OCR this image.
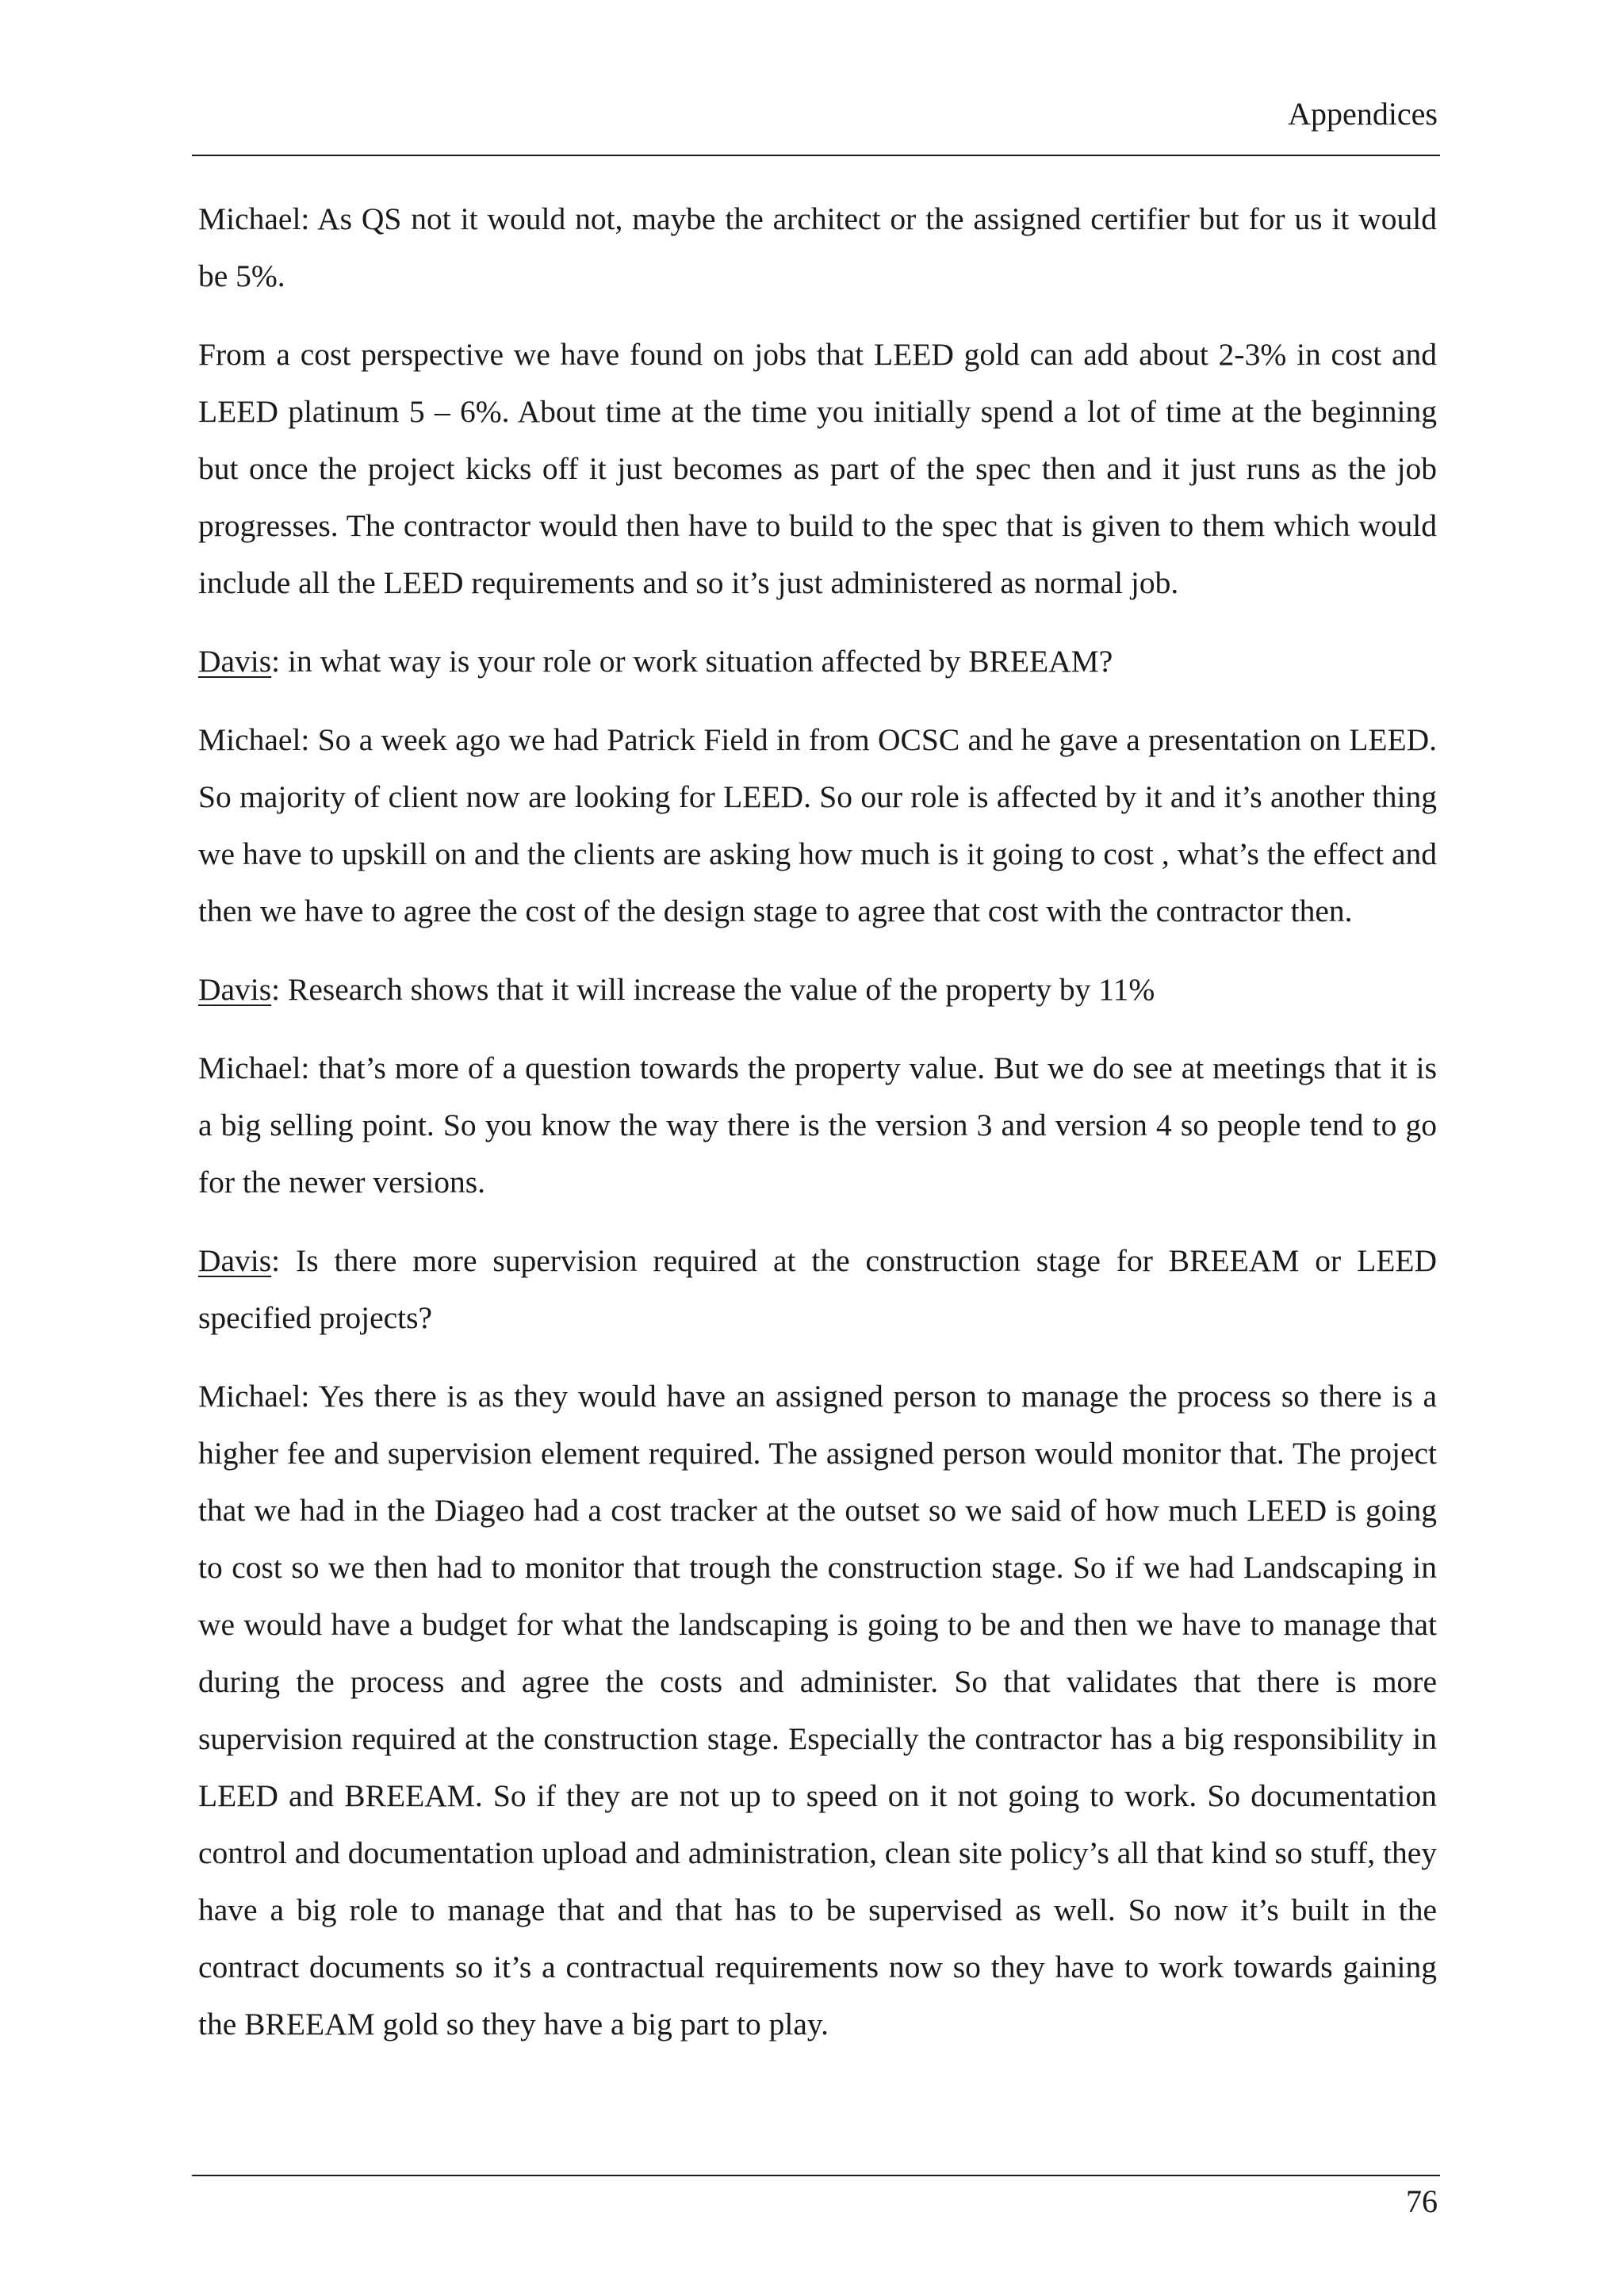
Appendices

Michael: As QS not it would not, maybe the architect or the assigned certifier but for us it would be 5%.

From a cost perspective we have found on jobs that LEED gold can add about 2-3% in cost and LEED platinum 5 – 6%. About time at the time you initially spend a lot of time at the beginning but once the project kicks off it just becomes as part of the spec then and it just runs as the job progresses. The contractor would then have to build to the spec that is given to them which would include all the LEED requirements and so it’s just administered as normal job.

Davis: in what way is your role or work situation affected by BREEAM?

Michael: So a week ago we had Patrick Field in from OCSC and he gave a presentation on LEED. So majority of client now are looking for LEED. So our role is affected by it and it’s another thing we have to upskill on and the clients are asking how much is it going to cost , what’s the effect and then we have to agree the cost of the design stage to agree that cost with the contractor then.

Davis: Research shows that it will increase the value of the property by 11%

Michael: that’s more of a question towards the property value. But we do see at meetings that it is a big selling point. So you know the way there is the version 3 and version 4 so people tend to go for the newer versions.

Davis: Is there more supervision required at the construction stage for BREEAM or LEED specified projects?

Michael: Yes there is as they would have an assigned person to manage the process so there is a higher fee and supervision element required. The assigned person would monitor that. The project that we had in the Diageo had a cost tracker at the outset so we said of how much LEED is going to cost so we then had to monitor that trough the construction stage. So if we had Landscaping in we would have a budget for what the landscaping is going to be and then we have to manage that during the process and agree the costs and administer. So that validates that there is more supervision required at the construction stage. Especially the contractor has a big responsibility in LEED and BREEAM. So if they are not up to speed on it not going to work. So documentation control and documentation upload and administration, clean site policy’s all that kind so stuff, they have a big role to manage that and that has to be supervised as well. So now it’s built in the contract documents so it’s a contractual requirements now so they have to work towards gaining the BREEAM gold so they have a big part to play.

76
